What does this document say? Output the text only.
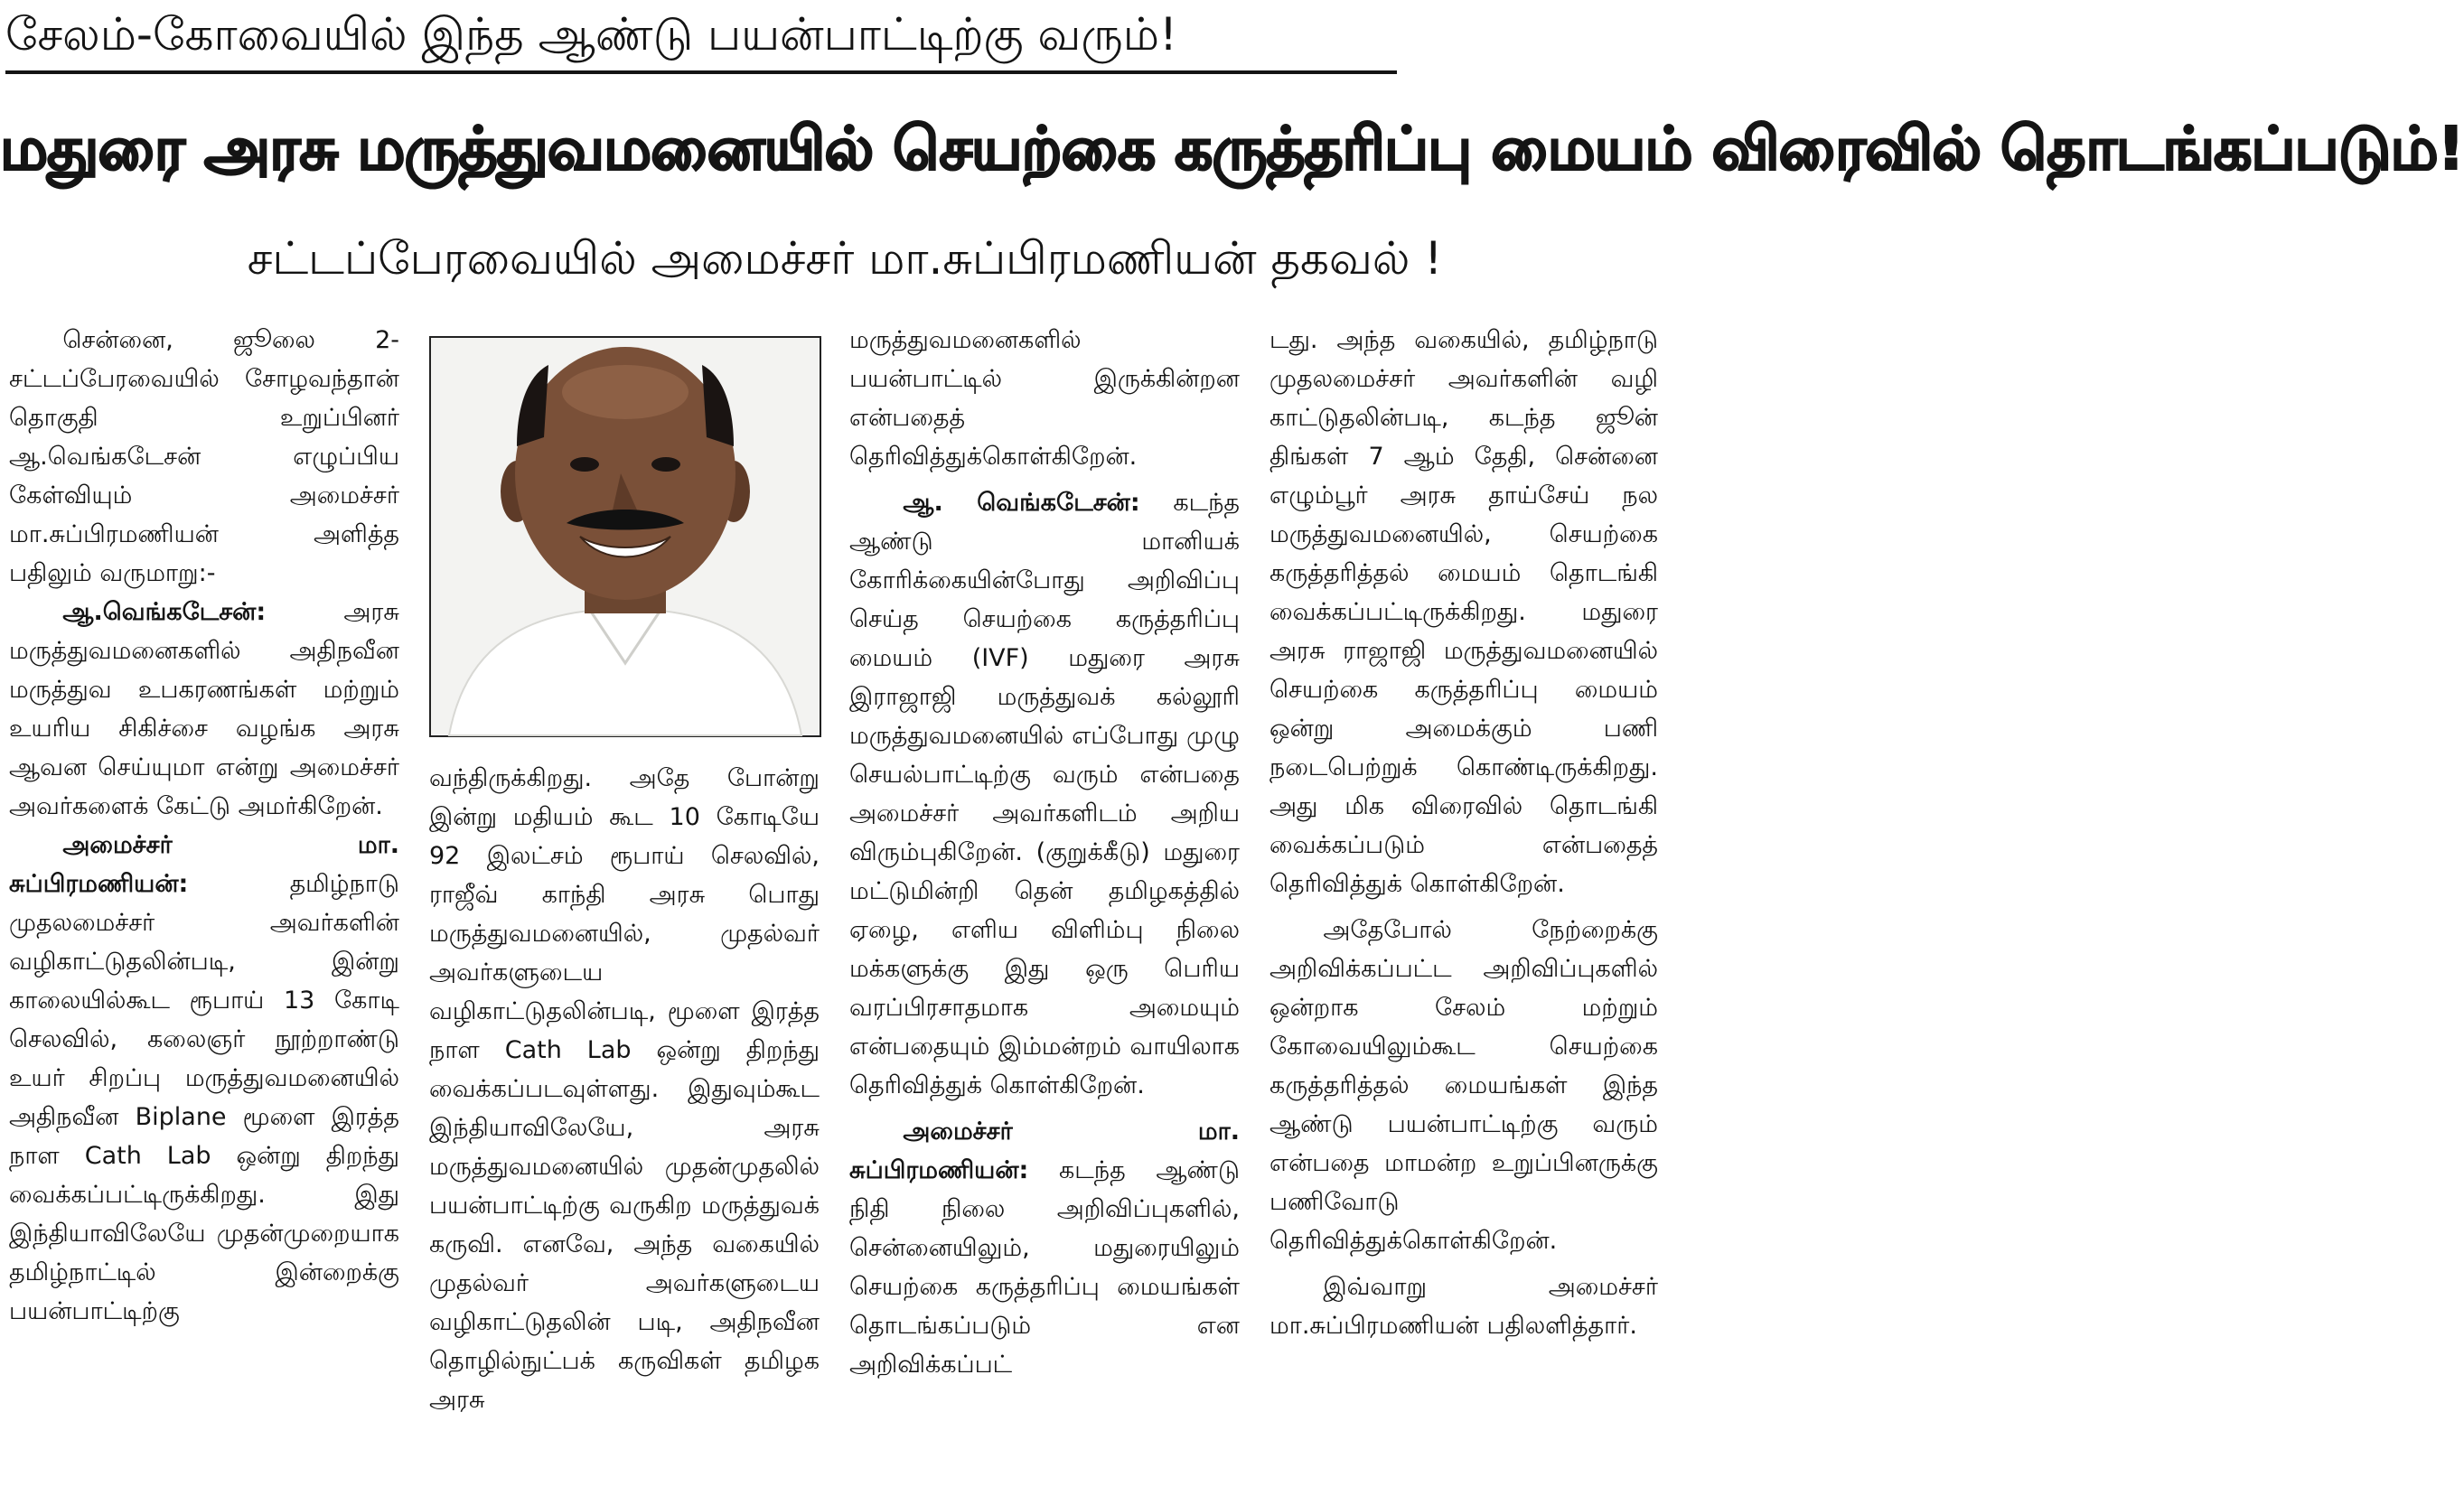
சேலம்-கோவையில் இந்த ஆண்டு பயன்பாட்டிற்கு வரும்!
மதுரை அரசு மருத்துவமனையில் செயற்கை கருத்தரிப்பு மையம் விரைவில் தொடங்கப்படும்!
சட்டப்பேரவையில் அமைச்சர் மா.சுப்பிரமணியன் தகவல் !

சென்னை, ஜூலை 2- சட்டப்பேரவையில் சோழவந்தான் தொகுதி உறுப்பினர் ஆ.வெங்கடேசன் எழுப்பிய கேள்வியும் அமைச்சர் மா.சுப்பிரமணியன் அளித்த பதிலும் வருமாறு:-

ஆ.வெங்கடேசன்: அரசு மருத்துவமனைகளில் அதிநவீன மருத்துவ உபகரணங்கள் மற்றும் உயரிய சிகிச்சை வழங்க அரசு ஆவன செய்யுமா என்று அமைச்சர் அவர்களைக் கேட்டு அமர்கிறேன்.

அமைச்சர் மா. சுப்பிரமணியன்: தமிழ்நாடு முதலமைச்சர் அவர்களின் வழிகாட்டுதலின்படி, இன்று காலையில்கூட ரூபாய் 13 கோடி செலவில், கலைஞர் நூற்றாண்டு உயர் சிறப்பு மருத்துவமனையில் அதிநவீன Biplane மூளை இரத்த நாள Cath Lab ஒன்று திறந்து வைக்கப்பட்டிருக்கிறது. இது இந்தியாவிலேயே முதன்முறையாக தமிழ்நாட்டில் இன்றைக்கு பயன்பாட்டிற்கு

வந்திருக்கிறது. அதே போன்று இன்று மதியம் கூட 10 கோடியே 92 இலட்சம் ரூபாய் செலவில், ராஜீவ் காந்தி அரசு பொது மருத்துவமனையில், முதல்வர் அவர்களுடைய வழிகாட்டுதலின்படி, மூளை இரத்த நாள Cath Lab ஒன்று திறந்து வைக்கப்படவுள்ளது. இதுவும்கூட இந்தியாவிலேயே, அரசு மருத்துவமனையில் முதன்முதலில் பயன்பாட்டிற்கு வருகிற மருத்துவக் கருவி. எனவே, அந்த வகையில் முதல்வர் அவர்களுடைய வழிகாட்டுதலின் படி, அதிநவீன தொழில்நுட்பக் கருவிகள் தமிழக அரசு

மருத்துவமனைகளில் பயன்பாட்டில் இருக்கின்றன என்பதைத் தெரிவித்துக்கொள்கிறேன்.

ஆ. வெங்கடேசன்: கடந்த ஆண்டு மானியக் கோரிக்கையின்போது அறிவிப்பு செய்த செயற்கை கருத்தரிப்பு மையம் (IVF) மதுரை அரசு இராஜாஜி மருத்துவக் கல்லூரி மருத்துவமனையில் எப்போது முழு செயல்பாட்டிற்கு வரும் என்பதை அமைச்சர் அவர்களிடம் அறிய விரும்புகிறேன். (குறுக்கீடு) மதுரை மட்டுமின்றி தென் தமிழகத்தில் ஏழை, எளிய விளிம்பு நிலை மக்களுக்கு இது ஒரு பெரிய வரப்பிரசாதமாக அமையும் என்பதையும் இம்மன்றம் வாயிலாக தெரிவித்துக் கொள்கிறேன்.

அமைச்சர் மா. சுப்பிரமணியன்: கடந்த ஆண்டு நிதி நிலை அறிவிப்புகளில், சென்னையிலும், மதுரையிலும் செயற்கை கருத்தரிப்பு மையங்கள் தொடங்கப்படும் என அறிவிக்கப்பட்

டது. அந்த வகையில், தமிழ்நாடு முதலமைச்சர் அவர்களின் வழி காட்டுதலின்படி, கடந்த ஜூன் திங்கள் 7 ஆம் தேதி, சென்னை எழும்பூர் அரசு தாய்சேய் நல மருத்துவமனையில், செயற்கை கருத்தரித்தல் மையம் தொடங்கி வைக்கப்பட்டிருக்கிறது. மதுரை அரசு ராஜாஜி மருத்துவமனையில் செயற்கை கருத்தரிப்பு மையம் ஒன்று அமைக்கும் பணி நடைபெற்றுக் கொண்டிருக்கிறது. அது மிக விரைவில் தொடங்கி வைக்கப்படும் என்பதைத் தெரிவித்துக் கொள்கிறேன்.

அதேபோல் நேற்றைக்கு அறிவிக்கப்பட்ட அறிவிப்புகளில் ஒன்றாக சேலம் மற்றும் கோவையிலும்கூட செயற்கை கருத்தரித்தல் மையங்கள் இந்த ஆண்டு பயன்பாட்டிற்கு வரும் என்பதை மாமன்ற உறுப்பினருக்கு பணிவோடு தெரிவித்துக்கொள்கிறேன்.

இவ்வாறு அமைச்சர் மா.சுப்பிரமணியன் பதிலளித்தார்.
